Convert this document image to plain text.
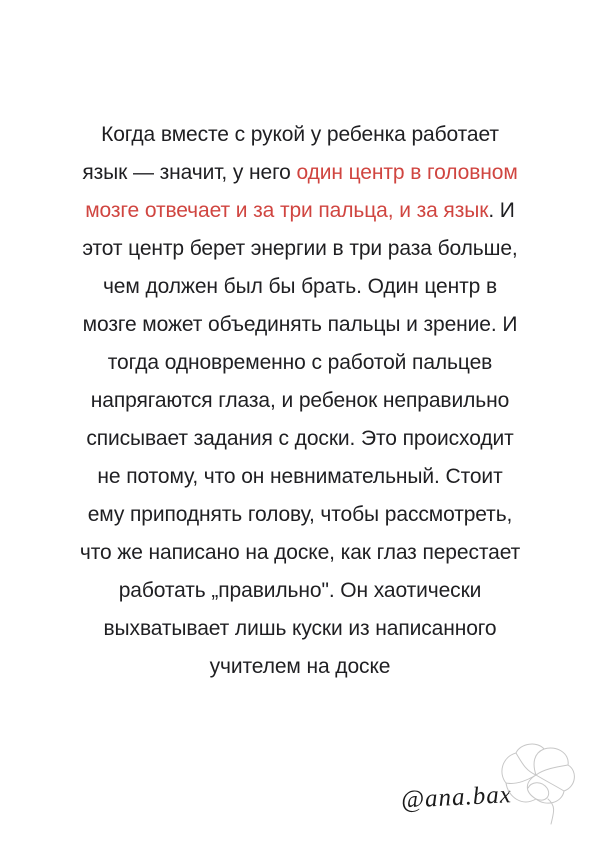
Когда вместе с рукой у ребенка работает
язык — значит, у него один центр в головном
мозге отвечает и за три пальца, и за язык. И
этот центр берет энергии в три раза больше,
чем должен был бы брать. Один центр в
мозге может объединять пальцы и зрение. И
тогда одновременно с работой пальцев
напрягаются глаза, и ребенок неправильно
списывает задания с доски. Это происходит
не потому, что он невнимательный. Стоит
ему приподнять голову, чтобы рассмотреть,
что же написано на доске, как глаз перестает
работать „правильно". Он хаотически
выхватывает лишь куски из написанного
учителем на доске
@ana.bax
